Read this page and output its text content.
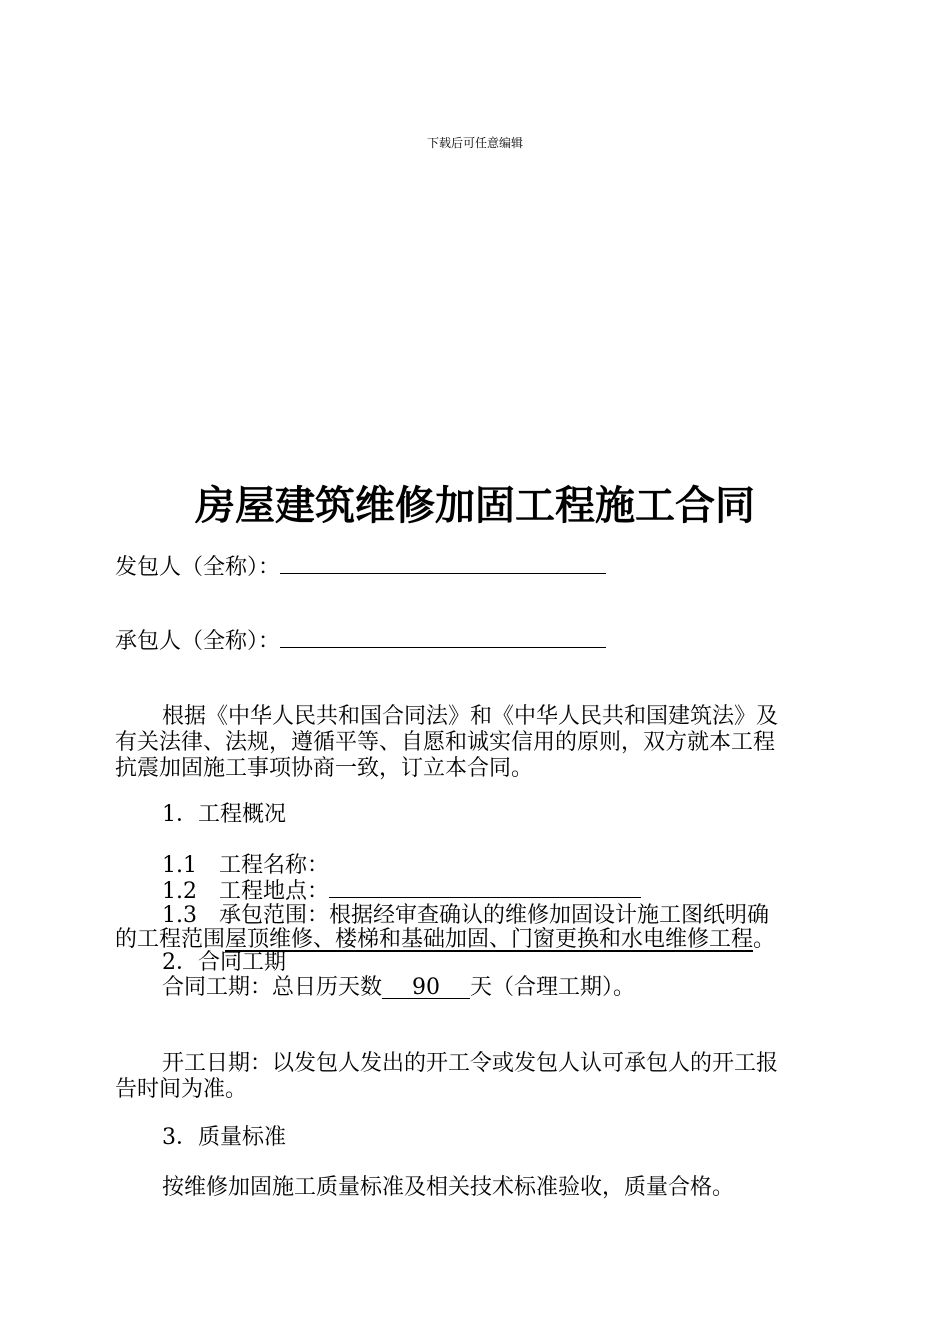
下载后可任意编辑
房屋建筑维修加固工程施工合同
发包人（全称）：
承包人（全称）：
根据《中华人民共和国合同法》和《中华人民共和国建筑法》及
有关法律、法规，遵循平等、自愿和诚实信用的原则，双方就本工程
抗震加固施工事项协商一致，订立本合同。
1．工程概况
1.1　工程名称：
1.2　工程地点：
1.3　承包范围：根据经审查确认的维修加固设计施工图纸明确
的工程范围屋顶维修、楼梯和基础加固、门窗更换和水电维修工程。
2．合同工期
合同工期：总日历天数 90 天（合理工期）。
开工日期：以发包人发出的开工令或发包人认可承包人的开工报
告时间为准。
3．质量标准
按维修加固施工质量标准及相关技术标准验收，质量合格。
